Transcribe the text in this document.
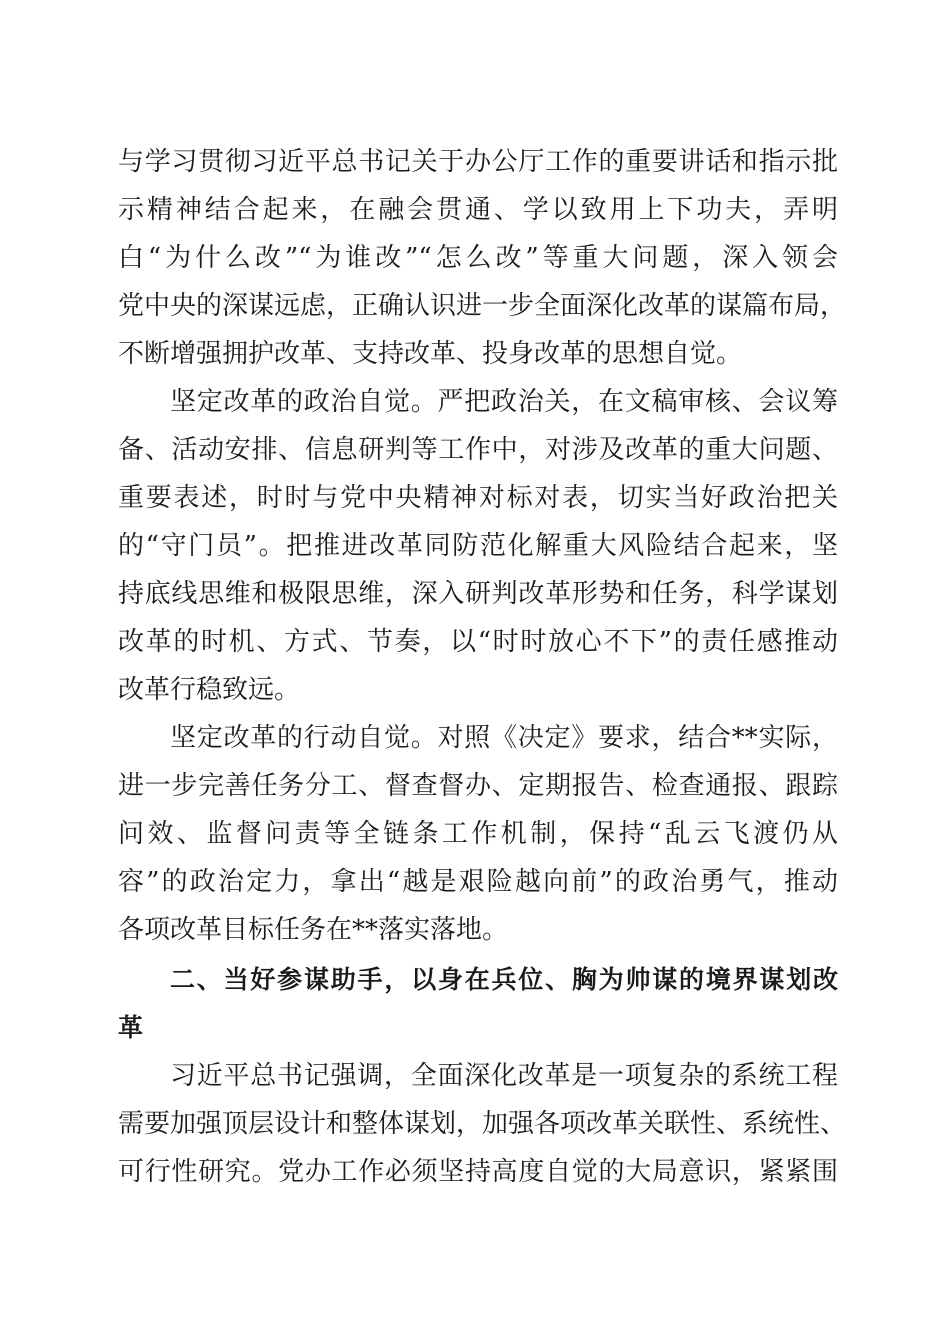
与学习贯彻习近平总书记关于办公厅工作的重要讲话和指示批
示精神结合起来，在融会贯通、学以致用上下功夫，弄明
白“为什么改”“为谁改”“怎么改”等重大问题，深入领会
党中央的深谋远虑，正确认识进一步全面深化改革的谋篇布局，
不断增强拥护改革、支持改革、投身改革的思想自觉。
坚定改革的政治自觉。严把政治关，在文稿审核、会议筹
备、活动安排、信息研判等工作中，对涉及改革的重大问题、
重要表述，时时与党中央精神对标对表，切实当好政治把关
的“守门员”。把推进改革同防范化解重大风险结合起来，坚
持底线思维和极限思维，深入研判改革形势和任务，科学谋划
改革的时机、方式、节奏，以“时时放心不下”的责任感推动
改革行稳致远。
坚定改革的行动自觉。对照《决定》要求，结合**实际，
进一步完善任务分工、督查督办、定期报告、检查通报、跟踪
问效、监督问责等全链条工作机制，保持“乱云飞渡仍从
容”的政治定力，拿出“越是艰险越向前”的政治勇气，推动
各项改革目标任务在**落实落地。
二、当好参谋助手，以身在兵位、胸为帅谋的境界谋划改
革
习近平总书记强调，全面深化改革是一项复杂的系统工程
需要加强顶层设计和整体谋划，加强各项改革关联性、系统性、
可行性研究。党办工作必须坚持高度自觉的大局意识，紧紧围
